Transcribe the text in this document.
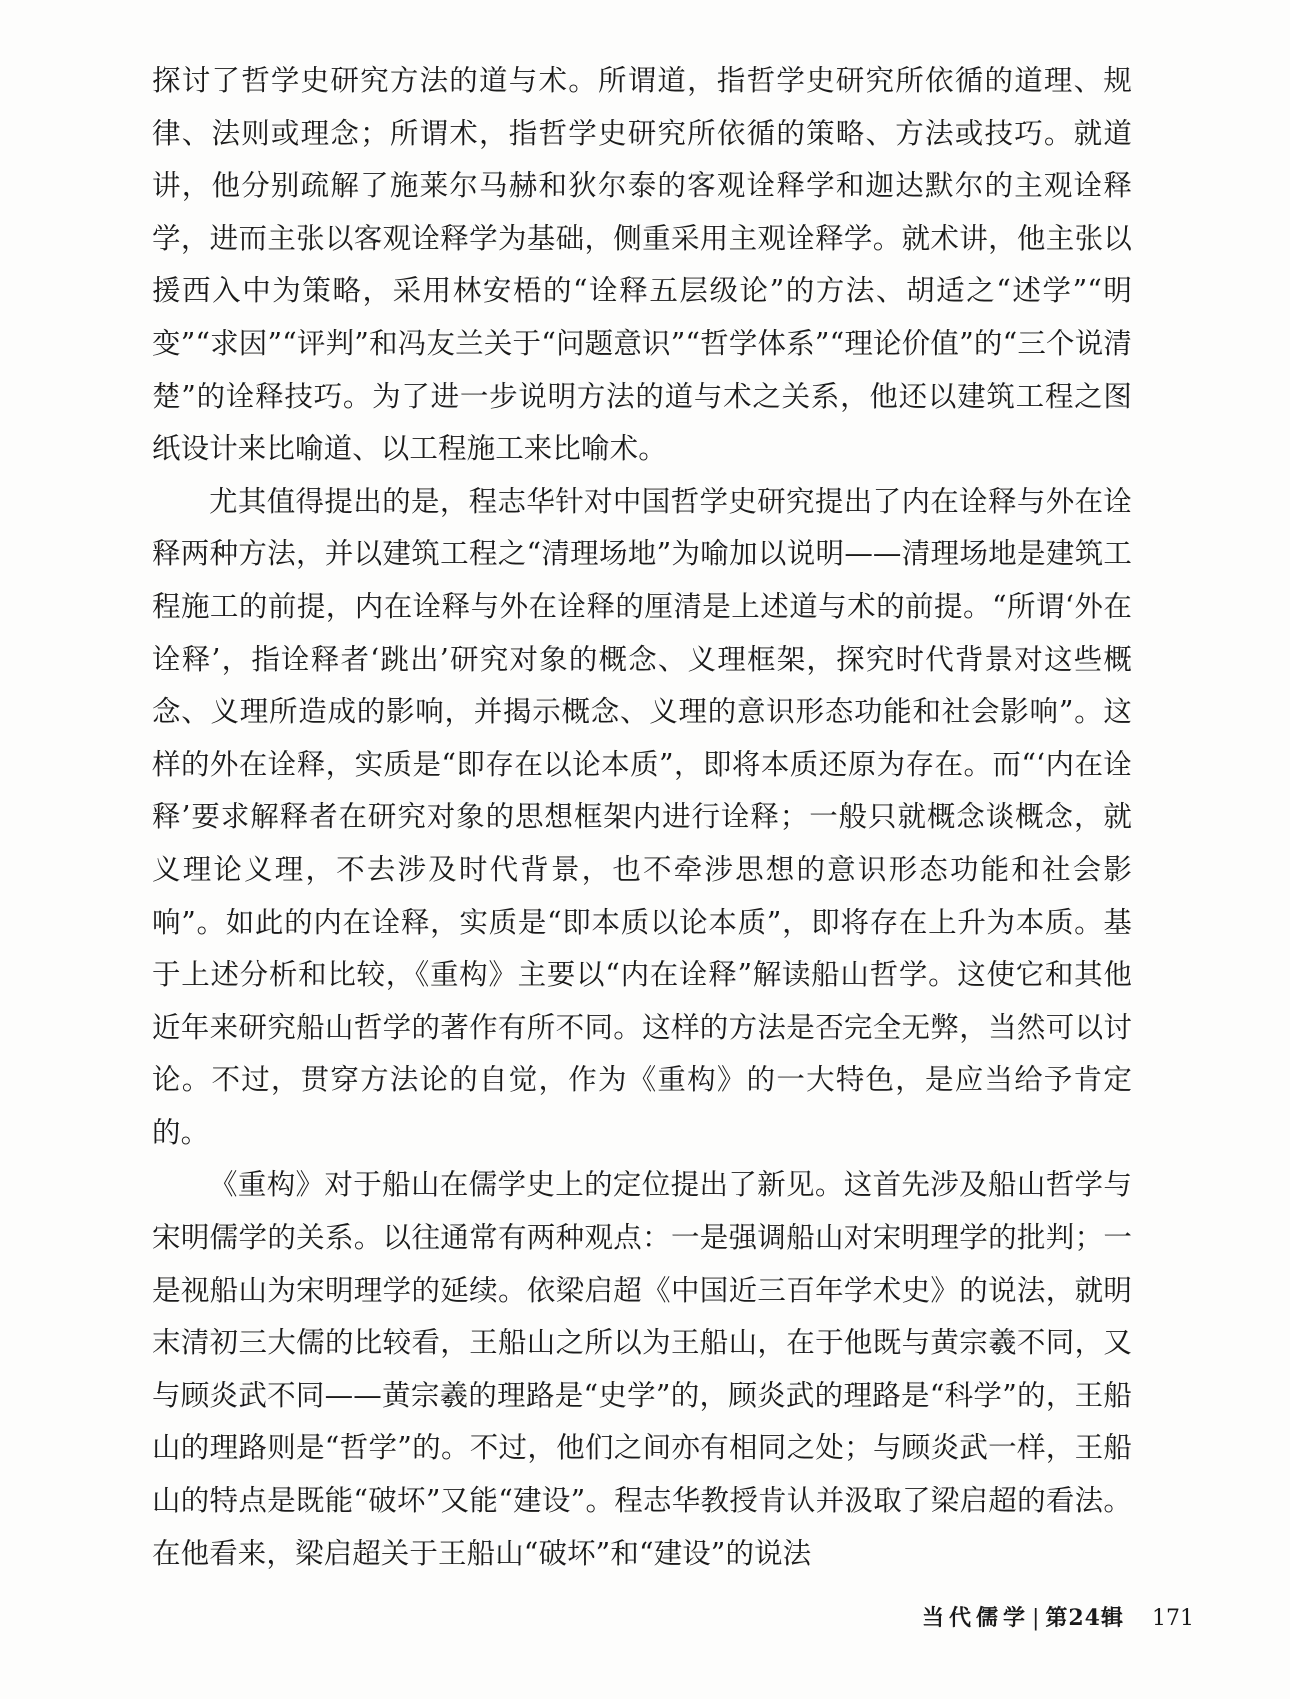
探讨了哲学史研究方法的道与术。所谓道，指哲学史研究所依循的道理、规律、法则或理念；所谓术，指哲学史研究所依循的策略、方法或技巧。就道讲，他分别疏解了施莱尔马赫和狄尔泰的客观诠释学和迦达默尔的主观诠释学，进而主张以客观诠释学为基础，侧重采用主观诠释学。就术讲，他主张以援西入中为策略，采用林安梧的“诠释五层级论”的方法、胡适之“述学”“明变”“求因”“评判”和冯友兰关于“问题意识”“哲学体系”“理论价值”的“三个说清楚”的诠释技巧。为了进一步说明方法的道与术之关系，他还以建筑工程之图纸设计来比喻道、以工程施工来比喻术。

尤其值得提出的是，程志华针对中国哲学史研究提出了内在诠释与外在诠释两种方法，并以建筑工程之“清理场地”为喻加以说明——清理场地是建筑工程施工的前提，内在诠释与外在诠释的厘清是上述道与术的前提。“所谓‘外在诠释’，指诠释者‘跳出’研究对象的概念、义理框架，探究时代背景对这些概念、义理所造成的影响，并揭示概念、义理的意识形态功能和社会影响”。这样的外在诠释，实质是“即存在以论本质”，即将本质还原为存在。而“‘内在诠释’要求解释者在研究对象的思想框架内进行诠释；一般只就概念谈概念，就义理论义理，不去涉及时代背景，也不牵涉思想的意识形态功能和社会影响”。如此的内在诠释，实质是“即本质以论本质”，即将存在上升为本质。基于上述分析和比较，《重构》主要以“内在诠释”解读船山哲学。这使它和其他近年来研究船山哲学的著作有所不同。这样的方法是否完全无弊，当然可以讨论。不过，贯穿方法论的自觉，作为《重构》的一大特色，是应当给予肯定的。

《重构》对于船山在儒学史上的定位提出了新见。这首先涉及船山哲学与宋明儒学的关系。以往通常有两种观点：一是强调船山对宋明理学的批判；一是视船山为宋明理学的延续。依梁启超《中国近三百年学术史》的说法，就明末清初三大儒的比较看，王船山之所以为王船山，在于他既与黄宗羲不同，又与顾炎武不同——黄宗羲的理路是“史学”的，顾炎武的理路是“科学”的，王船山的理路则是“哲学”的。不过，他们之间亦有相同之处；与顾炎武一样，王船山的特点是既能“破坏”又能“建设”。程志华教授肯认并汲取了梁启超的看法。在他看来，梁启超关于王船山“破坏”和“建设”的说法

当代儒学| 第24辑 171
